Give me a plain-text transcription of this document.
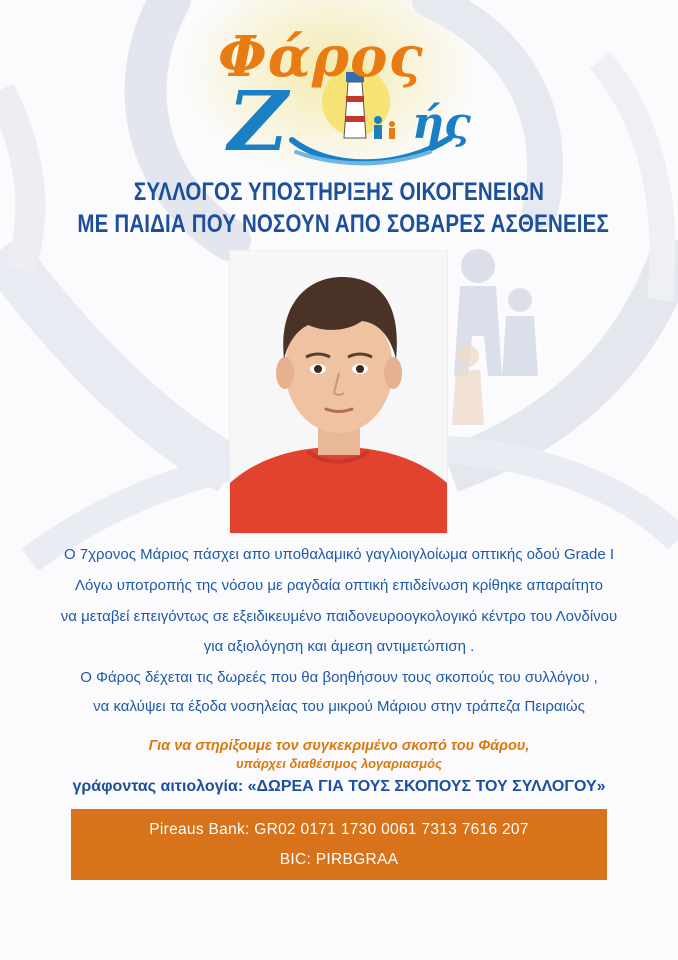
Φάρος
Ζ	ής
ΣΥΛΛΟΓΟΣ ΥΠΟΣΤΗΡΙΞΗΣ ΟΙΚΟΓΕΝΕΙΩΝ
ΜΕ ΠΑΙΔΙΑ ΠΟΥ ΝΟΣΟΥΝ ΑΠΟ ΣΟΒΑΡΕΣ ΑΣΘΕΝΕΙΕΣ
Ο 7χρονος Μάριος πάσχει απο υποθαλαμικό γαγλιοιγλοίωμα οπτικής οδού Grade I
Λόγω υποτροπής της νόσου με ραγδαία οπτική επιδείνωση κρίθηκε απαραίτητο
να μεταβεί επειγόντως σε εξειδικευμένο παιδονευροογκολογικό κέντρο του Λονδίνου
για αξιολόγηση και άμεση αντιμετώπιση .
Ο Φάρος δέχεται τις δωρεές που θα βοηθήσουν τους σκοπούς του συλλόγου ,
να καλύψει τα έξοδα νοσηλείας του μικρού Μάριου στην τράπεζα Πειραιώς
Για να στηρίξουμε τον συγκεκριμένο σκοπό του Φάρου,
υπάρχει διαθέσιμος λογαριασμός
γράφοντας αιτιολογία: «ΔΩΡΕΑ ΓΙΑ ΤΟΥΣ ΣΚΟΠΟΥΣ ΤΟΥ ΣΥΛΛΟΓΟΥ»
Pireaus Bank: GR02 0171 1730 0061 7313 7616 207
BIC: PIRBGRAA
